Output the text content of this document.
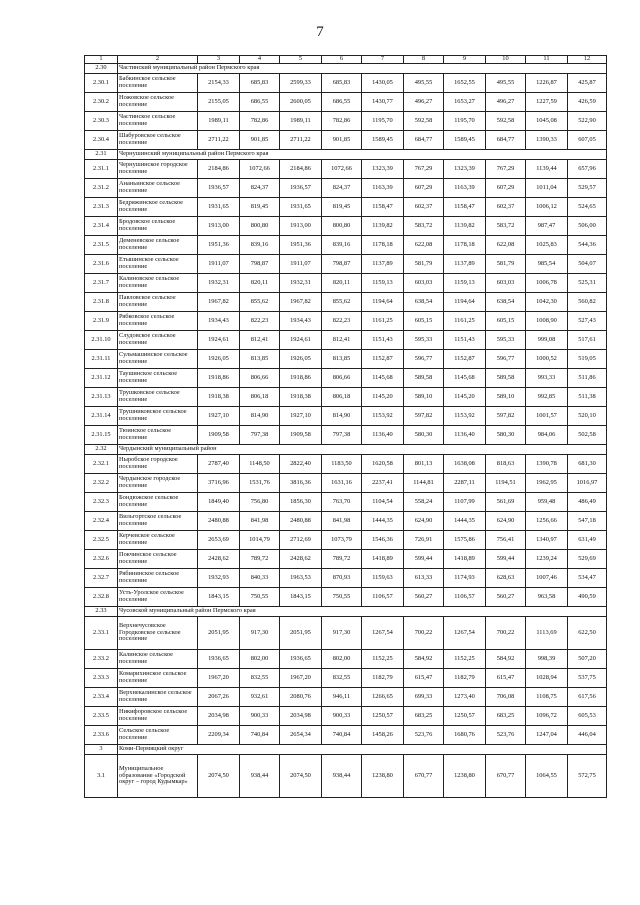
7
1	2	3	4	5	6	7	8	9	10	11	12
2.30	Частинский муниципальный район Пермского края										
2.30.1	Бабкинское сельское поселение	2154,33	685,83	2599,33	685,83	1430,05	495,55	1652,55	495,55	1226,87	425,87
2.30.2	Ножовское сельское поселение	2155,05	686,55	2600,05	686,55	1430,77	496,27	1653,27	496,27	1227,59	426,59
2.30.3	Частинское сельское поселение	1989,11	782,86	1989,11	782,86	1195,70	592,58	1195,70	592,58	1045,08	522,90
2.30.4	Шабуровское сельское поселение	2711,22	901,85	2711,22	901,85	1589,45	684,77	1589,45	684,77	1390,33	607,05
2.31	Чернушинский муниципальный район Пермского края										
2.31.1	Чернушинское городское поселение	2184,86	1072,66	2184,86	1072,66	1323,39	767,29	1323,39	767,29	1139,44	657,96
2.31.2	Ананьинское сельское поселение	1936,57	824,37	1936,57	824,37	1163,39	607,29	1163,39	607,29	1011,04	529,57
2.31.3	Бедряжинское сельское поселение	1931,65	819,45	1931,65	819,45	1158,47	602,37	1158,47	602,37	1006,12	524,65
2.31.4	Бродовское сельское поселение	1913,00	800,80	1913,00	800,80	1139,82	583,72	1139,82	583,72	987,47	506,00
2.31.5	Деменевское сельское поселение	1951,36	839,16	1951,36	839,16	1178,18	622,08	1178,18	622,08	1025,83	544,36
2.31.6	Етышинское сельское поселение	1911,07	798,87	1911,07	798,87	1137,89	581,79	1137,89	581,79	985,54	504,07
2.31.7	Калиновское сельское поселение	1932,31	820,11	1932,31	820,11	1159,13	603,03	1159,13	603,03	1006,78	525,31
2.31.8	Павловское сельское поселение	1967,82	855,62	1967,82	855,62	1194,64	638,54	1194,64	638,54	1042,30	560,82
2.31.9	Рябковское сельское поселение	1934,43	822,23	1934,43	822,23	1161,25	605,15	1161,25	605,15	1008,90	527,43
2.31.10	Слудовское сельское поселение	1924,61	812,41	1924,61	812,41	1151,43	595,33	1151,43	595,33	999,08	517,61
2.31.11	Сульмашинское сельское поселение	1926,05	813,85	1926,05	813,85	1152,87	596,77	1152,87	596,77	1000,52	519,05
2.31.12	Таушинское сельское поселение	1918,86	806,66	1918,86	806,66	1145,68	589,58	1145,68	589,58	993,33	511,86
2.31.13	Трушковское сельское поселение	1918,38	806,18	1918,38	806,18	1145,20	589,10	1145,20	589,10	992,85	511,38
2.31.14	Трушниковское сельское поселение	1927,10	814,90	1927,10	814,90	1153,92	597,82	1153,92	597,82	1001,57	520,10
2.31.15	Тюинское сельское поселение	1909,58	797,38	1909,58	797,38	1136,40	580,30	1136,40	580,30	984,06	502,58
2.32	Чердынский муниципальный район										
2.32.1	Ныробское городское поселение	2787,40	1148,50	2822,40	1183,50	1620,58	801,13	1638,08	818,63	1390,78	681,30
2.32.2	Чердынское городское поселение	3716,96	1531,76	3816,36	1631,16	2237,41	1144,81	2287,11	1194,51	1962,95	1016,97
2.32.3	Бондюжское сельское поселение	1849,40	756,80	1856,30	763,70	1104,54	558,24	1107,99	561,69	959,48	486,49
2.32.4	Вильгортское сельское поселение	2480,88	841,98	2480,88	841,98	1444,35	624,90	1444,35	624,90	1256,66	547,18
2.32.5	Керчевское сельское поселение	2653,69	1014,79	2712,69	1073,79	1546,36	726,91	1575,86	756,41	1340,97	631,49
2.32.6	Покчинское сельское поселение	2428,62	789,72	2428,62	789,72	1418,89	599,44	1418,89	599,44	1239,24	529,69
2.32.7	Рябининское сельское поселение	1932,93	840,33	1963,53	870,93	1159,63	613,33	1174,93	628,63	1007,46	534,47
2.32.8	Усть-Уролское сельское поселение	1843,15	750,55	1843,15	750,55	1106,57	560,27	1106,57	560,27	963,58	490,59
2.33	Чусовской муниципальный район Пермского края										
2.33.1	Верхнечусовское Городковское сельское поселение	2051,95	917,30	2051,95	917,30	1267,54	700,22	1267,54	700,22	1113,69	622,50
2.33.2	Калинское сельское поселение	1936,65	802,00	1936,65	802,00	1152,25	584,92	1152,25	584,92	998,39	507,20
2.33.3	Комарихинское сельское поселение	1967,20	832,55	1967,20	832,55	1182,79	615,47	1182,79	615,47	1028,94	537,75
2.33.4	Верхнекалинское сельское поселение	2067,26	932,61	2080,76	946,11	1266,65	699,33	1273,40	706,08	1108,75	617,56
2.33.5	Никифоровское сельское поселение	2034,98	900,33	2034,98	900,33	1250,57	683,25	1250,57	683,25	1096,72	605,53
2.33.6	Сельское сельское поселение	2209,34	740,84	2654,34	740,84	1458,26	523,76	1680,76	523,76	1247,04	446,04
3	Коми-Пермяцкий округ										
3.1	Муниципальное образование «Городской округ – город Кудымкар»	2074,50	938,44	2074,50	938,44	1238,80	670,77	1238,80	670,77	1064,55	572,75
